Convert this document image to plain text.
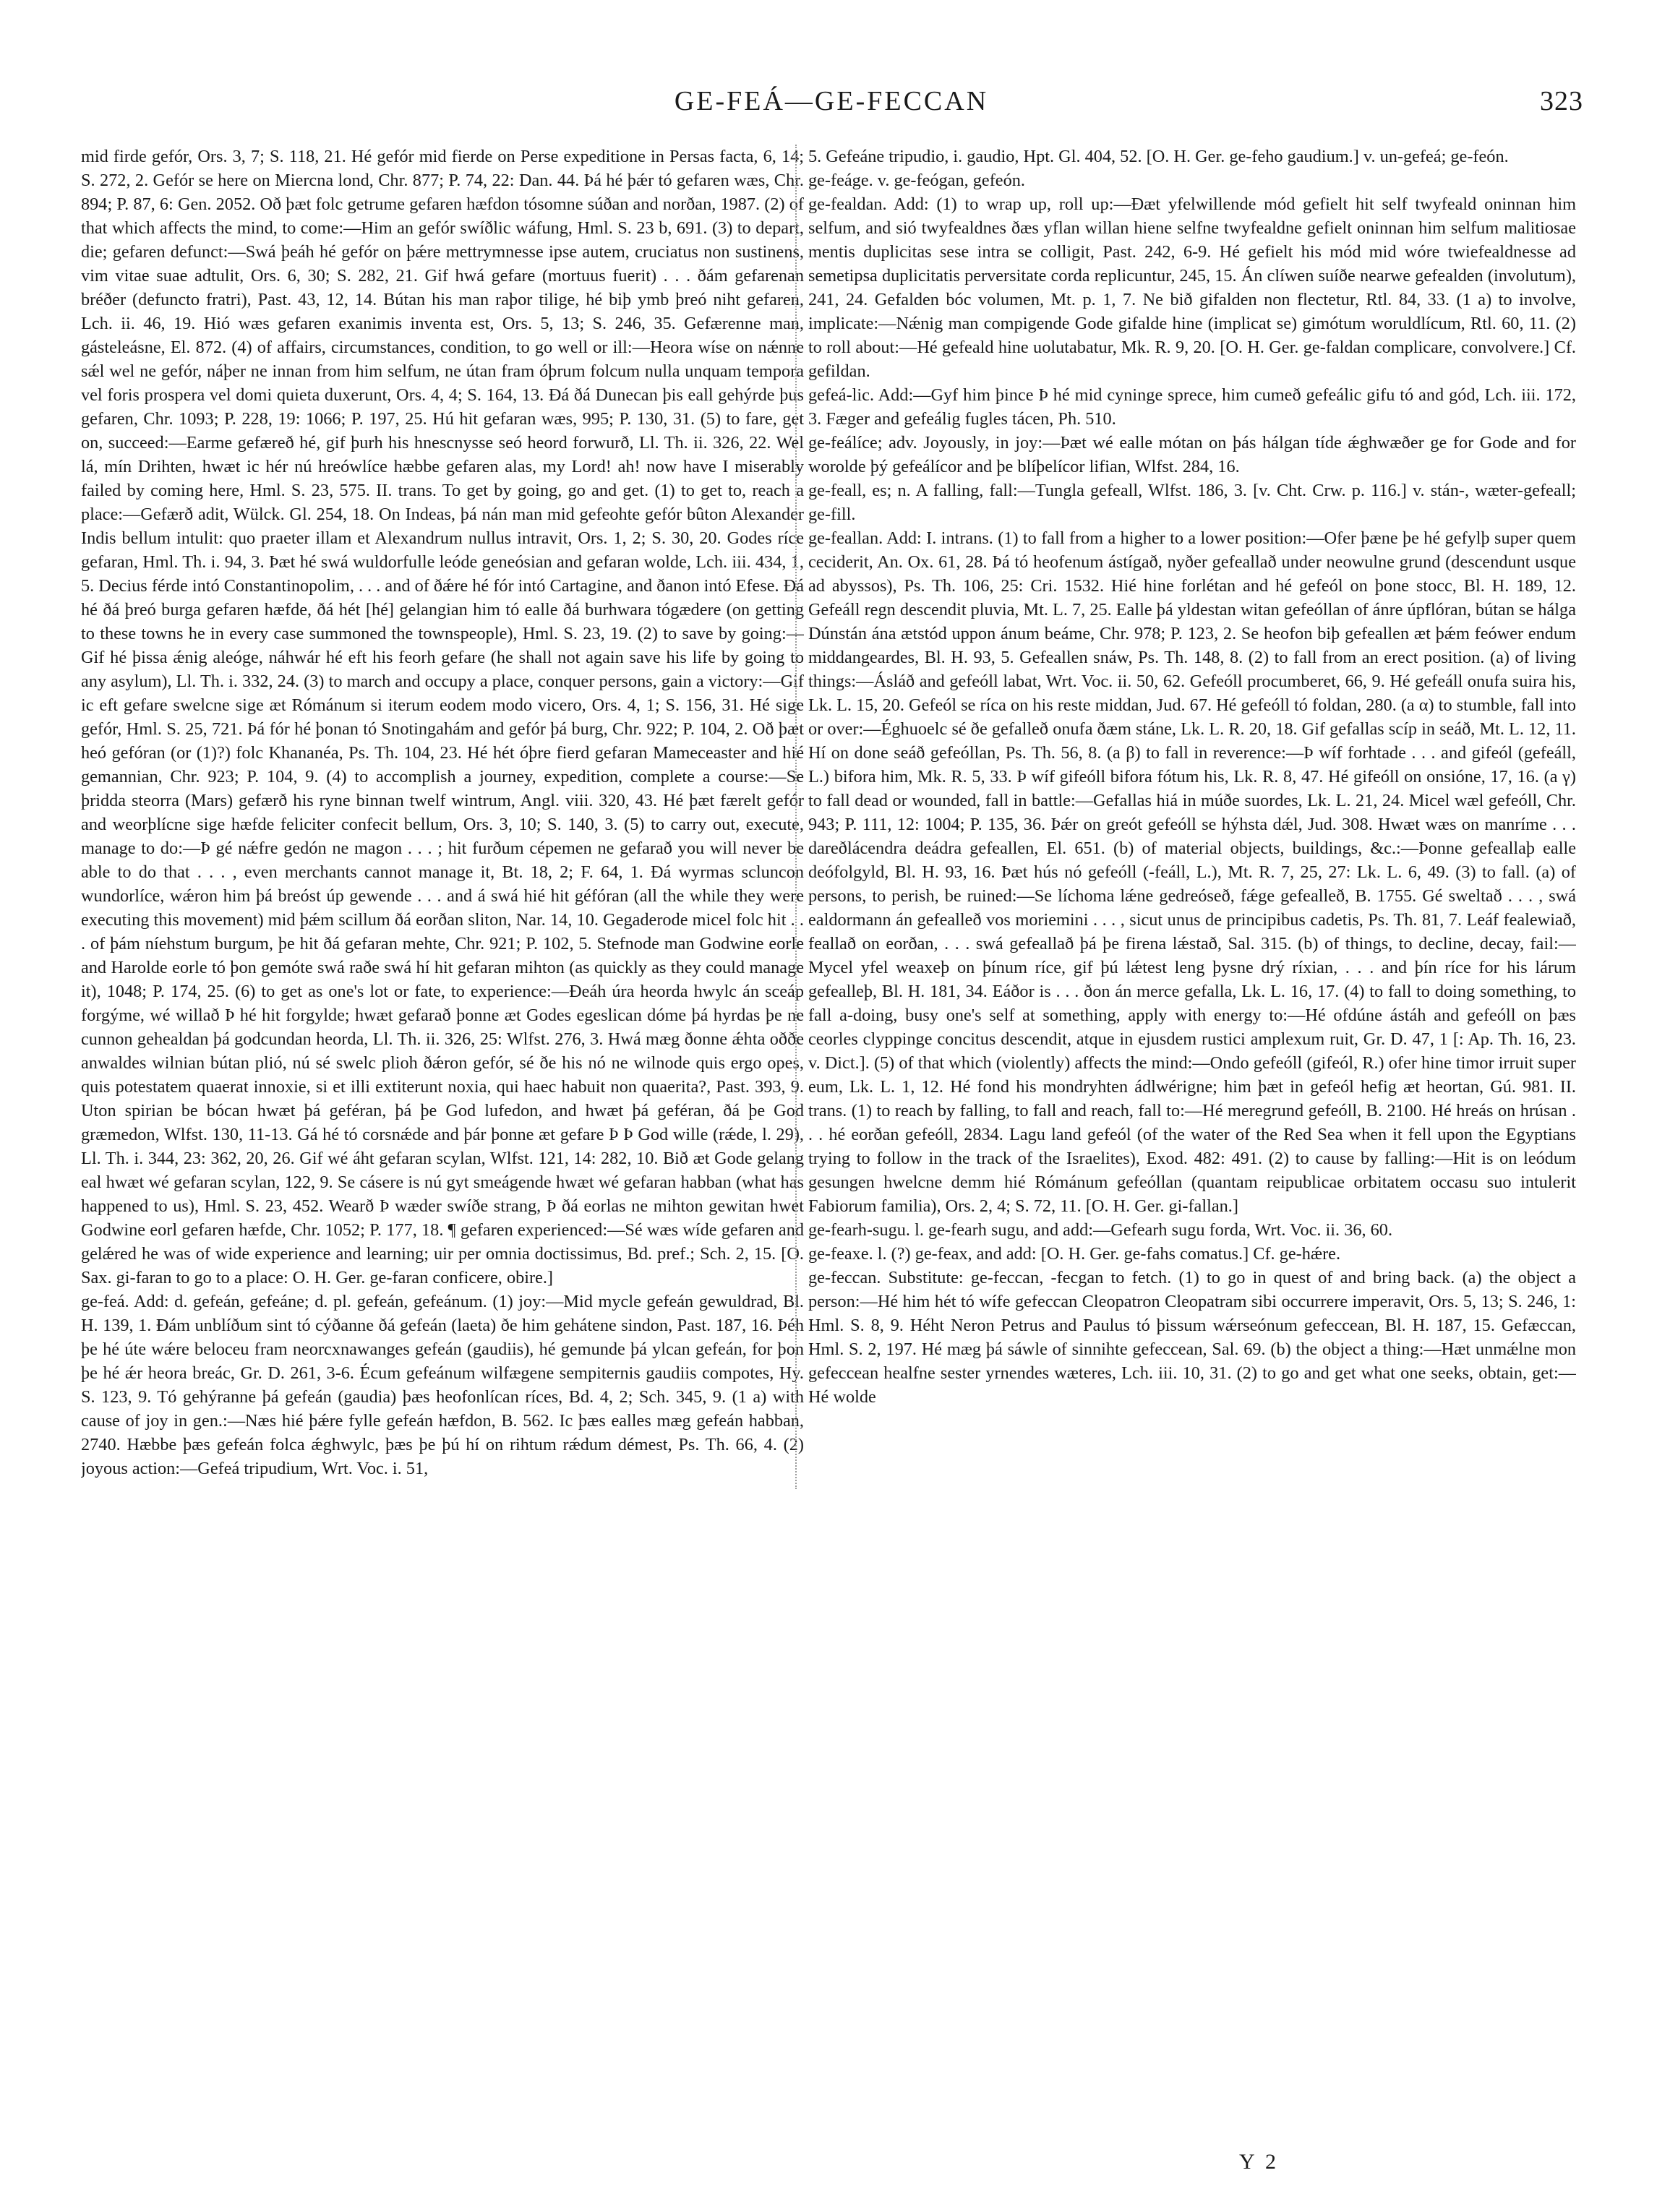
GE-FEÁ—GE-FECCAN	323

mid firde gefór, Ors. 3, 7; S. 118, 21. Hé gefór mid fierde on Perse expeditione in Persas facta, 6, 14; S. 272, 2. Gefór se here on Miercna lond, Chr. 877; P. 74, 22: Dan. 44. Þá hé þǽr tó gefaren wæs, Chr. 894; P. 87, 6: Gen. 2052. Oð þæt folc getrume gefaren hæfdon tósomne súðan and norðan, 1987. (2) of that which affects the mind, to come:—Him an gefór swíðlic wáfung, Hml. S. 23 b, 691. (3) to depart, die; gefaren defunct:—Swá þeáh hé gefór on þǽre mettrymnesse ipse autem, cruciatus non sustinens, vim vitae suae adtulit, Ors. 6, 30; S. 282, 21. Gif hwá gefare (mortuus fuerit) . . . ðám gefarenan bréðer (defuncto fratri), Past. 43, 12, 14. Bútan his man raþor tilige, hé biþ ymb þreó niht gefaren, Lch. ii. 46, 19. Hió wæs gefaren exanimis inventa est, Ors. 5, 13; S. 246, 35. Gefærenne man, gásteleásne, El. 872. (4) of affairs, circumstances, condition, to go well or ill:—Heora wíse on nǽnne sǽl wel ne gefór, náþer ne innan from him selfum, ne útan fram óþrum folcum nulla unquam tempora vel foris prospera vel domi quieta duxerunt, Ors. 4, 4; S. 164, 13. Ðá ðá Dunecan þis eall gehýrde þus gefaren, Chr. 1093; P. 228, 19: 1066; P. 197, 25. Hú hit gefaran wæs, 995; P. 130, 31. (5) to fare, get on, succeed:—Earme gefæreð hé, gif þurh his hnescnysse seó heord forwurð, Ll. Th. ii. 326, 22. Wel lá, mín Drihten, hwæt ic hér nú hreówlíce hæbbe gefaren alas, my Lord! ah! now have I miserably failed by coming here, Hml. S. 23, 575. II. trans. To get by going, go and get. (1) to get to, reach a place:—Gefærð adit, Wülck. Gl. 254, 18. On Indeas, þá nán man mid gefeohte gefór bûton Alexander Indis bellum intulit: quo praeter illam et Alexandrum nullus intravit, Ors. 1, 2; S. 30, 20. Godes ríce gefaran, Hml. Th. i. 94, 3. Þæt hé swá wuldorfulle leóde geneósian and gefaran wolde, Lch. iii. 434, 1, 5. Decius férde intó Constantinopolim, . . . and of ðǽre hé fór intó Cartagine, and ðanon intó Efese. Ðá hé ðá þreó burga gefaren hæfde, ðá hét [hé] gelangian him tó ealle ðá burhwara tógædere (on getting to these towns he in every case summoned the townspeople), Hml. S. 23, 19. (2) to save by going:—Gif hé þissa ǽnig aleóge, náhwár hé eft his feorh gefare (he shall not again save his life by going to any asylum), Ll. Th. i. 332, 24. (3) to march and occupy a place, conquer persons, gain a victory:—Gif ic eft gefare swelcne sige æt Rómánum si iterum eodem modo vicero, Ors. 4, 1; S. 156, 31. Hé sige gefór, Hml. S. 25, 721. Þá fór hé þonan tó Snotingahám and gefór þá burg, Chr. 922; P. 104, 2. Oð þæt heó gefóran (or (1)?) folc Khananéa, Ps. Th. 104, 23. Hé hét óþre fierd gefaran Mameceaster and hié gemannian, Chr. 923; P. 104, 9. (4) to accomplish a journey, expedition, complete a course:—Se þridda steorra (Mars) gefærð his ryne binnan twelf wintrum, Angl. viii. 320, 43. Hé þæt færelt gefór and weorþlícne sige hæfde feliciter confecit bellum, Ors. 3, 10; S. 140, 3. (5) to carry out, execute, manage to do:—Þ gé nǽfre gedón ne magon . . . ; hit furðum cépemen ne gefarað you will never be able to do that . . . , even merchants cannot manage it, Bt. 18, 2; F. 64, 1. Ðá wyrmas scluncon wundorlíce, wǽron him þá breóst úp gewende . . . and á swá hié hit géfóran (all the while they were executing this movement) mid þǽm scillum ðá eorðan sliton, Nar. 14, 10. Gegaderode micel folc hit . . . of þám níehstum burgum, þe hit ðá gefaran mehte, Chr. 921; P. 102, 5. Stefnode man Godwine eorle and Harolde eorle tó þon gemóte swá raðe swá hí hit gefaran mihton (as quickly as they could manage it), 1048; P. 174, 25. (6) to get as one's lot or fate, to experience:—Ðeáh úra heorda hwylc án sceáp forgýme, wé willað Þ hé hit forgylde; hwæt gefarað þonne æt Godes egeslican dóme þá hyrdas þe ne cunnon gehealdan þá godcundan heorda, Ll. Th. ii. 326, 25: Wlfst. 276, 3. Hwá mæg ðonne ǽhta oððe anwaldes wilnian bútan plió, nú sé swelc plioh ðǽron gefór, sé ðe his nó ne wilnode quis ergo opes, quis potestatem quaerat innoxie, si et illi extiterunt noxia, qui haec habuit non quaerita?, Past. 393, 9. Uton spirian be bócan hwæt þá geféran, þá þe God lufedon, and hwæt þá geféran, ðá þe God græmedon, Wlfst. 130, 11-13. Gá hé tó corsnǽde and þár þonne æt gefare Þ Þ God wille (rǽde, l. 29), Ll. Th. i. 344, 23: 362, 20, 26. Gif wé áht gefaran scylan, Wlfst. 121, 14: 282, 10. Bið æt Gode gelang eal hwæt wé gefaran scylan, 122, 9. Se cásere is nú gyt smeágende hwæt wé gefaran habban (what has happened to us), Hml. S. 23, 452. Wearð Þ wæder swíðe strang, Þ ðá eorlas ne mihton gewitan hwet Godwine eorl gefaren hæfde, Chr. 1052; P. 177, 18. ¶ gefaren experienced:—Sé wæs wíde gefaren and gelǽred he was of wide experience and learning; uir per omnia doctissimus, Bd. pref.; Sch. 2, 15. [O. Sax. gi-faran to go to a place: O. H. Ger. ge-faran conficere, obire.]

ge-feá. Add: d. gefeán, gefeáne; d. pl. gefeán, gefeánum. (1) joy:—Mid mycle gefeán gewuldrad, Bl. H. 139, 1. Ðám unblíðum sint tó cýðanne ðá gefeán (laeta) ðe him gehátene sindon, Past. 187, 16. Þéh þe hé úte wǽre beloceu fram neorcxnawanges gefeán (gaudiis), hé gemunde þá ylcan gefeán, for þon þe hé ǽr heora breác, Gr. D. 261, 3-6. Écum gefeánum wilfægene sempiternis gaudiis compotes, Hy. S. 123, 9. Tó gehýranne þá gefeán (gaudia) þæs heofonlícan ríces, Bd. 4, 2; Sch. 345, 9. (1 a) with cause of joy in gen.:—Næs hié þǽre fylle gefeán hæfdon, B. 562. Ic þæs ealles mæg gefeán habban, 2740. Hæbbe þæs gefeán folca ǽghwylc, þæs þe þú hí on rihtum rǽdum démest, Ps. Th. 66, 4. (2) joyous action:—Gefeá tripudium, Wrt. Voc. i. 51,

5. Gefeáne tripudio, i. gaudio, Hpt. Gl. 404, 52. [O. H. Ger. ge-feho gaudium.] v. un-gefeá; ge-feón.

ge-feáge. v. ge-feógan, gefeón.

ge-fealdan. Add: (1) to wrap up, roll up:—Ðæt yfelwillende mód gefielt hit self twyfeald oninnan him selfum, and sió twyfealdnes ðæs yflan willan hiene selfne twyfealdne gefielt oninnan him selfum malitiosae mentis duplicitas sese intra se colligit, Past. 242, 6-9. Hé gefielt his mód mid wóre twiefealdnesse ad semetipsa duplicitatis perversitate corda replicuntur, 245, 15. Án clíwen suíðe nearwe gefealden (involutum), 241, 24. Gefalden bóc volumen, Mt. p. 1, 7. Ne bið gifalden non flectetur, Rtl. 84, 33. (1 a) to involve, implicate:—Nǽnig man compigende Gode gifalde hine (implicat se) gimótum woruldlícum, Rtl. 60, 11. (2) to roll about:—Hé gefeald hine uolutabatur, Mk. R. 9, 20. [O. H. Ger. ge-faldan complicare, convolvere.] Cf. gefildan.

gefeá-lic. Add:—Gyf him þince Þ hé mid cyninge sprece, him cumeð gefeálic gifu tó and gód, Lch. iii. 172, 3. Fæger and gefeálig fugles tácen, Ph. 510.

ge-feálíce; adv. Joyously, in joy:—Þæt wé ealle mótan on þás hálgan tíde ǽghwæðer ge for Gode and for woroldе þý gefeálícor and þe blíþelícor lifian, Wlfst. 284, 16.

ge-feall, es; n. A falling, fall:—Tungla gefeall, Wlfst. 186, 3. [v. Cht. Crw. p. 116.] v. stán-, wæter-gefeall; ge-fill.

ge-feallan. Add: I. intrans. (1) to fall from a higher to a lower position:—Ofer þæne þe hé gefylþ super quem ceciderit, An. Ox. 61, 28. Þá tó heofenum ástígað, nyðer gefeallað under neowulne grund (descendunt usque ad abyssos), Ps. Th. 106, 25: Cri. 1532. Hié hine forlétan and hé gefeól on þone stocc, Bl. H. 189, 12. Gefeáll regn descendit pluvia, Mt. L. 7, 25. Ealle þá yldestan witan gefeóllan of ánre úpflóran, bútan se hálga Dúnstán ána ætstód uppon ánum beáme, Chr. 978; P. 123, 2. Se heofon biþ gefeallen æt þǽm feówer endum middangeardes, Bl. H. 93, 5. Gefeallen snáw, Ps. Th. 148, 8. (2) to fall from an erect position. (a) of living things:—Ásláð and gefeóll labat, Wrt. Voc. ii. 50, 62. Gefeóll procumberet, 66, 9. Hé gefeáll onufa suira his, Lk. L. 15, 20. Gefeól se ríca on his reste middan, Jud. 67. Hé gefeóll tó foldan, 280. (a α) to stumble, fall into or over:—Éghuoelc sé ðe gefalleð onufa ðæm stáne, Lk. L. R. 20, 18. Gif gefallas scíp in seáð, Mt. L. 12, 11. Hí on done seáð gefeóllan, Ps. Th. 56, 8. (a β) to fall in reverence:—Þ wíf forhtade . . . and gifeól (gefeáll, L.) bifora him, Mk. R. 5, 33. Þ wíf gifeóll bifora fótum his, Lk. R. 8, 47. Hé gifeóll on onsióne, 17, 16. (a γ) to fall dead or wounded, fall in battle:—Gefallas hiá in múðe suordes, Lk. L. 21, 24. Micel wæl gefeóll, Chr. 943; P. 111, 12: 1004; P. 135, 36. Þǽr on greót gefeóll se hýhsta dǽl, Jud. 308. Hwæt wæs on manríme . . . dareðlácendra deádra gefeallen, El. 651. (b) of material objects, buildings, &c.:—Þonne gefeallaþ ealle deófolgyld, Bl. H. 93, 16. Þæt hús nó gefeóll (-feáll, L.), Mt. R. 7, 25, 27: Lk. L. 6, 49. (3) to fall. (a) of persons, to perish, be ruined:—Se líchoma lǽne gedreóseð, fǽge gefealleð, B. 1755. Gé sweltað . . . , swá ealdormann án gefealleð vos moriemini . . . , sicut unus de principibus cadetis, Ps. Th. 81, 7. Leáf fealewiað, feallað on eorðan, . . . swá gefeallað þá þe firena lǽstað, Sal. 315. (b) of things, to decline, decay, fail:—Mycel yfel weaxeþ on þínum ríce, gif þú lǽtest leng þysne drý ríxian, . . . and þín ríce for his lárum gefealleþ, Bl. H. 181, 34. Eáðor is . . . ðon án merce gefalla, Lk. L. 16, 17. (4) to fall to doing something, to fall a-doing, busy one's self at something, apply with energy to:—Hé ofdúne ástáh and gefeóll on þæs ceorles clyppinge concitus descendit, atque in ejusdem rustici amplexum ruit, Gr. D. 47, 1 [: Ap. Th. 16, 23. v. Dict.]. (5) of that which (violently) affects the mind:—Ondo gefeóll (gifeól, R.) ofer hine timor irruit super eum, Lk. L. 1, 12. Hé fond his mondryhten ádlwérigne; him þæt in gefeól hefig æt heortan, Gú. 981. II. trans. (1) to reach by falling, to fall and reach, fall to:—Hé meregrund gefeóll, B. 2100. Hé hreás on hrúsan . . . hé eorðan gefeóll, 2834. Lagu land gefeól (of the water of the Red Sea when it fell upon the Egyptians trying to follow in the track of the Israelites), Exod. 482: 491. (2) to cause by falling:—Hit is on leódum gesungen hwelcne demm hié Rómánum gefeóllan (quantam reipublicae orbitatem occasu suo intulerit Fabiorum familia), Ors. 2, 4; S. 72, 11. [O. H. Ger. gi-fallan.]

ge-fearh-sugu. l. ge-fearh sugu, and add:—Gefearh sugu forda, Wrt. Voc. ii. 36, 60.

ge-feaxe. l. (?) ge-feax, and add: [O. H. Ger. ge-fahs comatus.] Cf. ge-hǽre.

ge-feccan. Substitute: ge-feccan, -fecgan to fetch. (1) to go in quest of and bring back. (a) the object a person:—Hé him hét tó wífe gefeccan Cleopatron Cleopatram sibi occurrere imperavit, Ors. 5, 13; S. 246, 1: Hml. S. 8, 9. Héht Neron Petrus and Paulus tó þissum wǽrseónum gefeccean, Bl. H. 187, 15. Gefæccan, Hml. S. 2, 197. Hé mæg þá sáwle of sinnihte gefeccean, Sal. 69. (b) the object a thing:—Hæt unmǽlne mon gefeccean healfne sester yrnendes wæteres, Lch. iii. 10, 31. (2) to go and get what one seeks, obtain, get:—Hé wolde

Y 2
